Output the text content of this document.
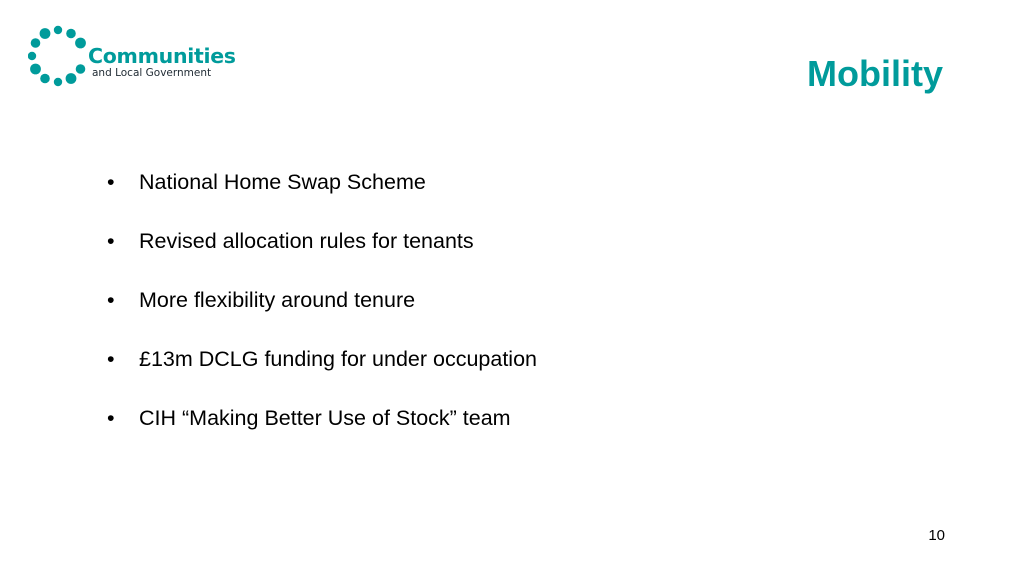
Communities
and Local Government	Mobility
•	National Home Swap Scheme
•	Revised allocation rules for tenants
•	More flexibility around tenure
•	£13m DCLG funding for under occupation
•	CIH “Making Better Use of Stock” team
10
